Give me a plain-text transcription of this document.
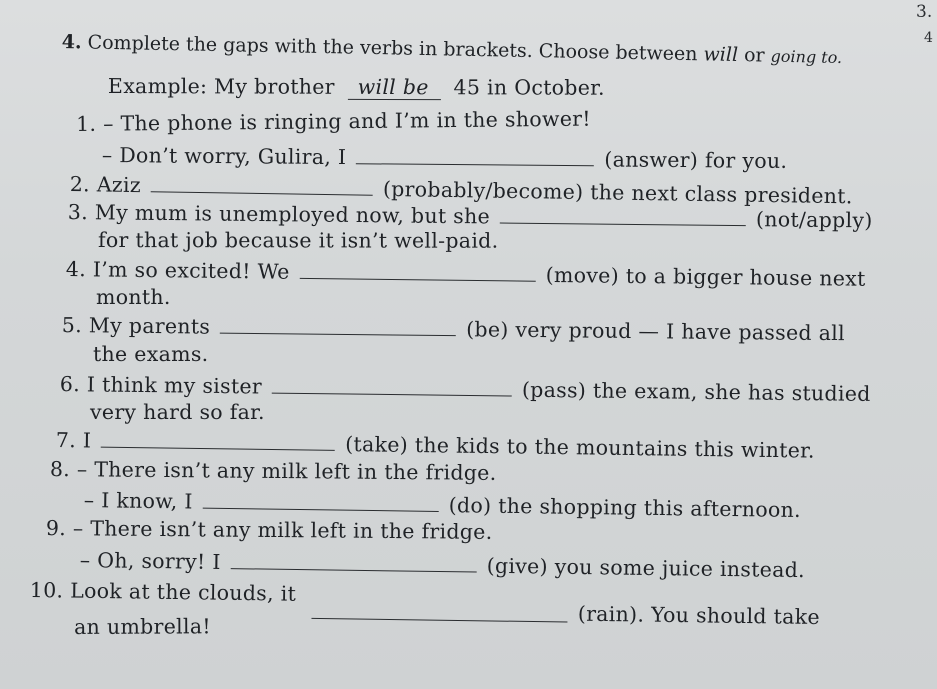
3.
4
4. Complete the gaps with the verbs in brackets. Choose between will or going to.
Example: My brother will be 45 in October.
1. – The phone is ringing and I’m in the shower!
– Don’t worry, Gulira, I	(answer) for you.
2. Aziz	(probably/become) the next class president.
3. My mum is unemployed now, but she	(not/apply)
for that job because it isn’t well-paid.
4. I’m so excited! We	(move) to a bigger house next
month.
5. My parents	(be) very proud — I have passed all
the exams.
6. I think my sister	(pass) the exam, she has studied
very hard so far.
7. I	(take) the kids to the mountains this winter.
8. – There isn’t any milk left in the fridge.
– I know, I	(do) the shopping this afternoon.
9. – There isn’t any milk left in the fridge.
– Oh, sorry! I	(give) you some juice instead.
10. Look at the clouds, it(rain). You should take
an umbrella!
